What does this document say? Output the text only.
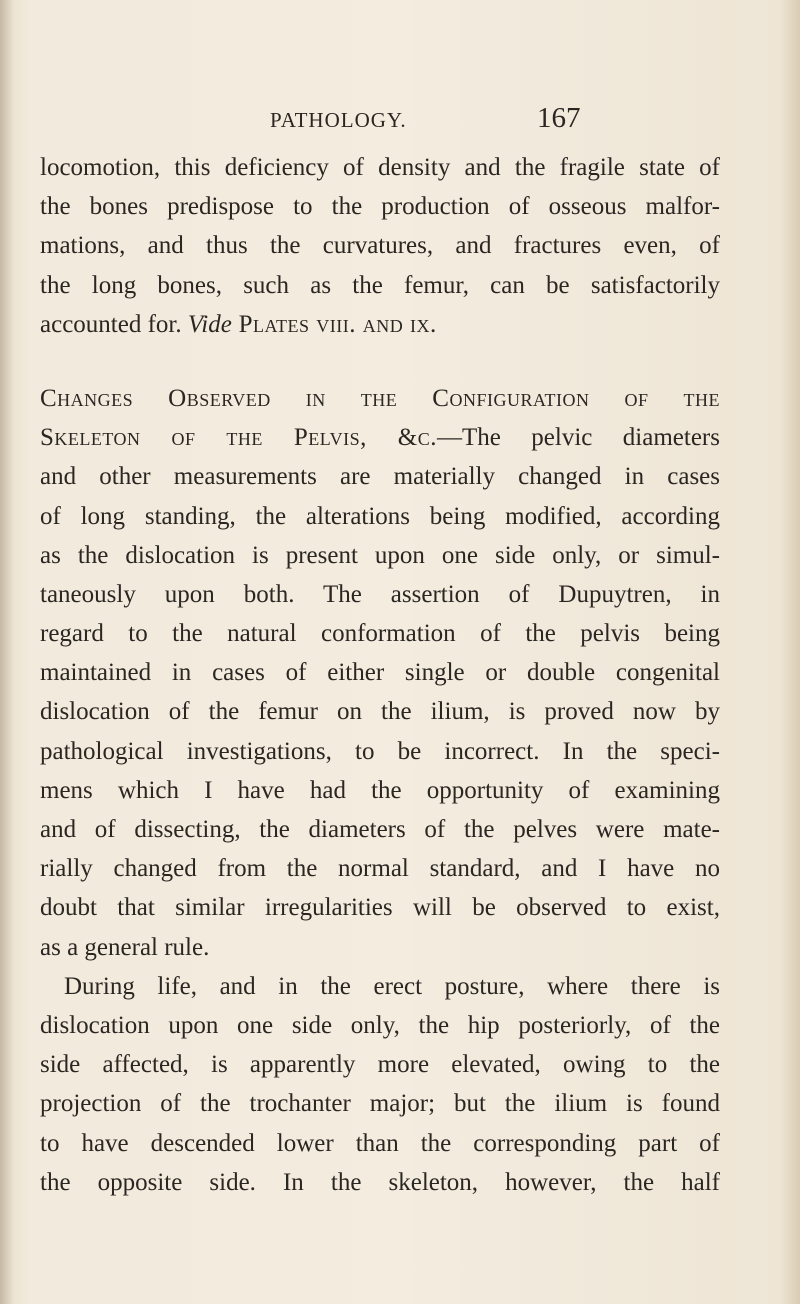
PATHOLOGY.	167
locomotion, this deficiency of density and the fragile state of
the bones predispose to the production of osseous malfor-
mations, and thus the curvatures, and fractures even, of
the long bones, such as the femur, can be satisfactorily
accounted for. Vide Plates viii. and ix.
Changes Observed in the Configuration of the
Skeleton of the Pelvis, &c.—The pelvic diameters
and other measurements are materially changed in cases
of long standing, the alterations being modified, according
as the dislocation is present upon one side only, or simul-
taneously upon both. The assertion of Dupuytren, in
regard to the natural conformation of the pelvis being
maintained in cases of either single or double congenital
dislocation of the femur on the ilium, is proved now by
pathological investigations, to be incorrect. In the speci-
mens which I have had the opportunity of examining
and of dissecting, the diameters of the pelves were mate-
rially changed from the normal standard, and I have no
doubt that similar irregularities will be observed to exist,
as a general rule.
During life, and in the erect posture, where there is
dislocation upon one side only, the hip posteriorly, of the
side affected, is apparently more elevated, owing to the
projection of the trochanter major; but the ilium is found
to have descended lower than the corresponding part of
the opposite side. In the skeleton, however, the half
